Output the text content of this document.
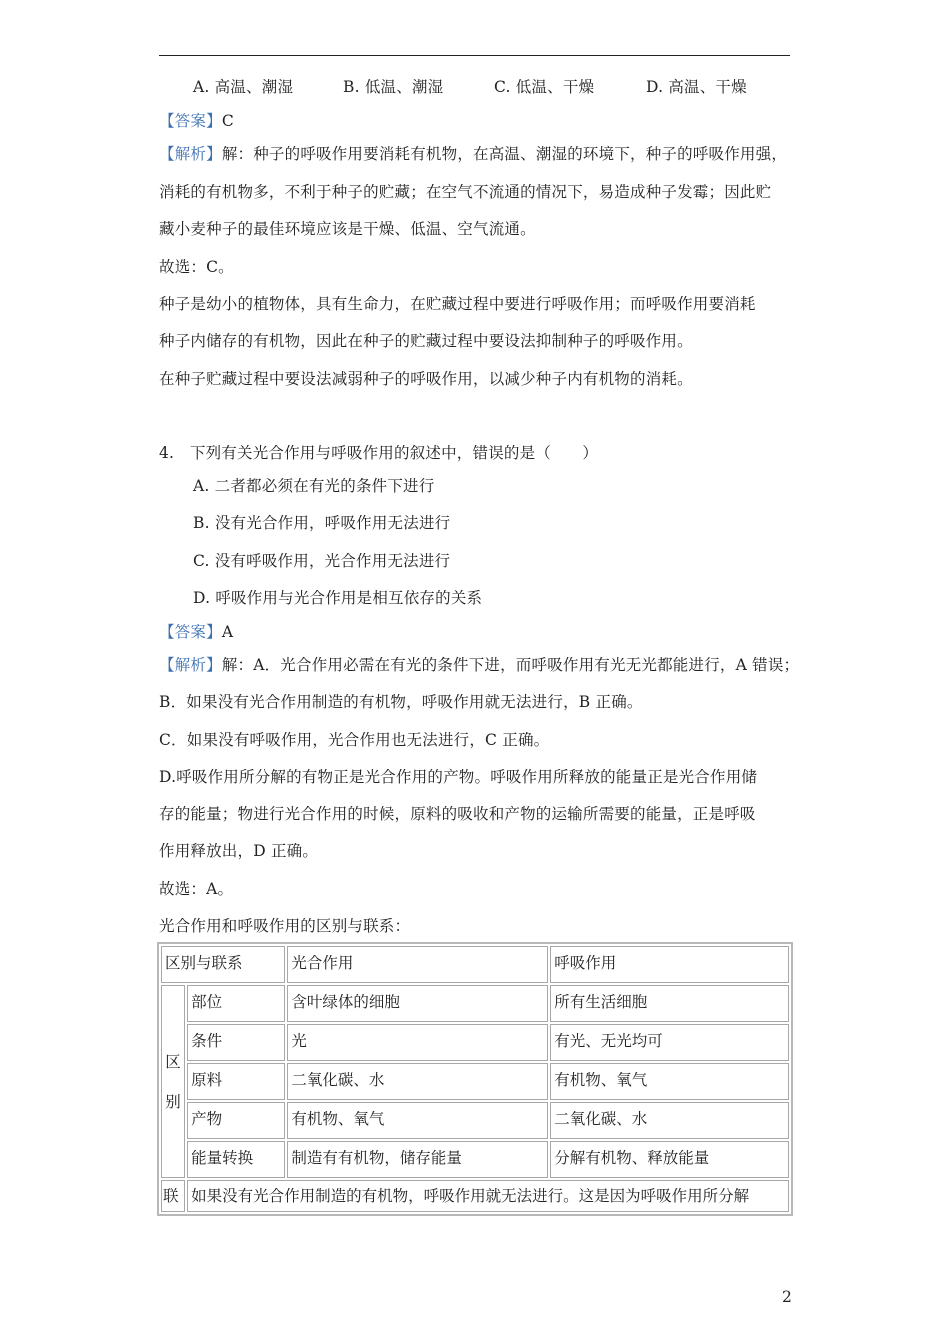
A. 高温、潮湿	B. 低温、潮湿	C. 低温、干燥	D. 高温、干燥
【答案】C
【解析】解：种子的呼吸作用要消耗有机物，在高温、潮湿的环境下，种子的呼吸作用强，
消耗的有机物多，不利于种子的贮藏；在空气不流通的情况下，易造成种子发霉；因此贮
藏小麦种子的最佳环境应该是干燥、低温、空气流通。
故选：C。
种子是幼小的植物体，具有生命力，在贮藏过程中要进行呼吸作用；而呼吸作用要消耗
种子内储存的有机物，因此在种子的贮藏过程中要设法抑制种子的呼吸作用。
在种子贮藏过程中要设法减弱种子的呼吸作用，以减少种子内有机物的消耗。
4.　下列有关光合作用与呼吸作用的叙述中，错误的是（　　）
A. 二者都必须在有光的条件下进行
B. 没有光合作用，呼吸作用无法进行
C. 没有呼吸作用，光合作用无法进行
D. 呼吸作用与光合作用是相互依存的关系
【答案】A
【解析】解：A．光合作用必需在有光的条件下进，而呼吸作用有光无光都能进行，A 错误；
B．如果没有光合作用制造的有机物，呼吸作用就无法进行，B 正确。
C．如果没有呼吸作用，光合作用也无法进行，C 正确。
D.呼吸作用所分解的有物正是光合作用的产物。呼吸作用所释放的能量正是光合作用储
存的能量；物进行光合作用的时候，原料的吸收和产物的运输所需要的能量，正是呼吸
作用释放出，D 正确。
故选：A。
光合作用和呼吸作用的区别与联系：
区别与联系		光合作用	呼吸作用
区
别	部位	含叶绿体的细胞	所有生活细胞
	条件	光	有光、无光均可
	原料	二氧化碳、水	有机物、氧气
	产物	有机物、氧气	二氧化碳、水
	能量转换	制造有有机物，储存能量	分解有机物、释放能量
联	如果没有光合作用制造的有机物，呼吸作用就无法进行。这是因为呼吸作用所分解		
2
